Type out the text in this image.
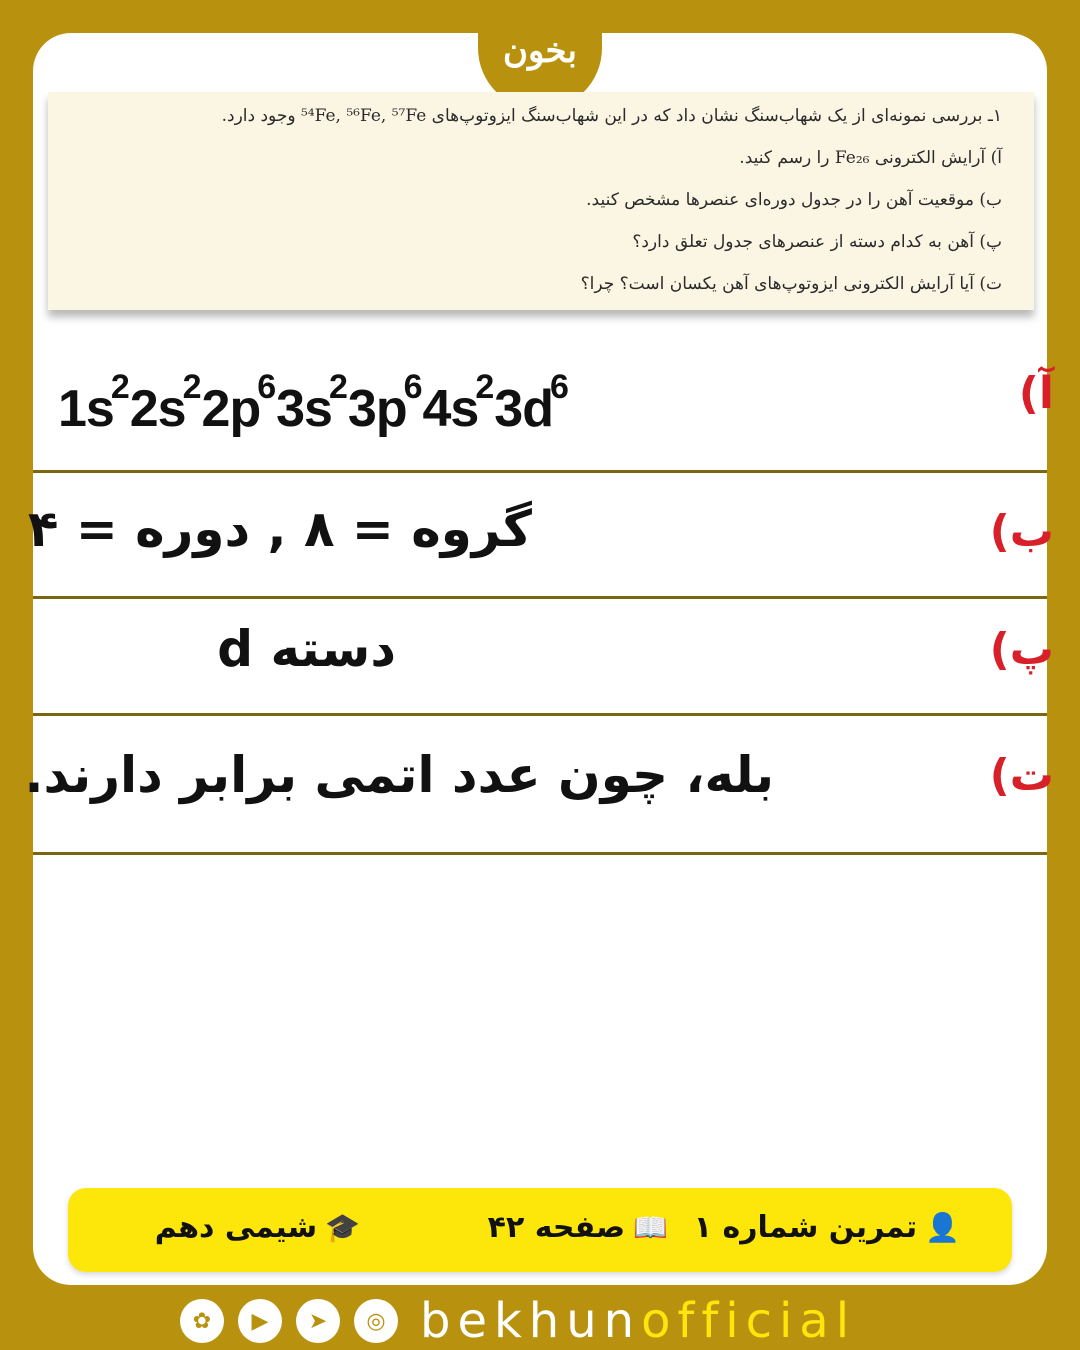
بخون
۱ـ بررسی نمونه‌ای از یک شهاب‌سنگ نشان داد که در این شهاب‌سنگ ایزوتوپ‌های ‎⁵⁴Fe, ⁵⁶Fe, ⁵⁷Fe‎ وجود دارد.
آ) آرایش الکترونی ‎Fe₂₆‎ را رسم کنید.
ب) موقعیت آهن را در جدول دوره‌ای عنصرها مشخص کنید.
پ) آهن به کدام دسته از عنصرهای جدول تعلق دارد؟
ت) آیا آرایش الکترونی ایزوتوپ‌های آهن یکسان است؟ چرا؟
آ)
$1s^22s^22p^63s^23p^64s^23d^6$
ب)
گروه = ۸ , دوره = ۴
پ)
دسته d
ت)
بله، چون عدد اتمی برابر دارند.
👤
تمرین شماره ۱
📖
صفحه ۴۲
🎓
شیمی دهم
✿	▶	➤	◎ bekhun official
